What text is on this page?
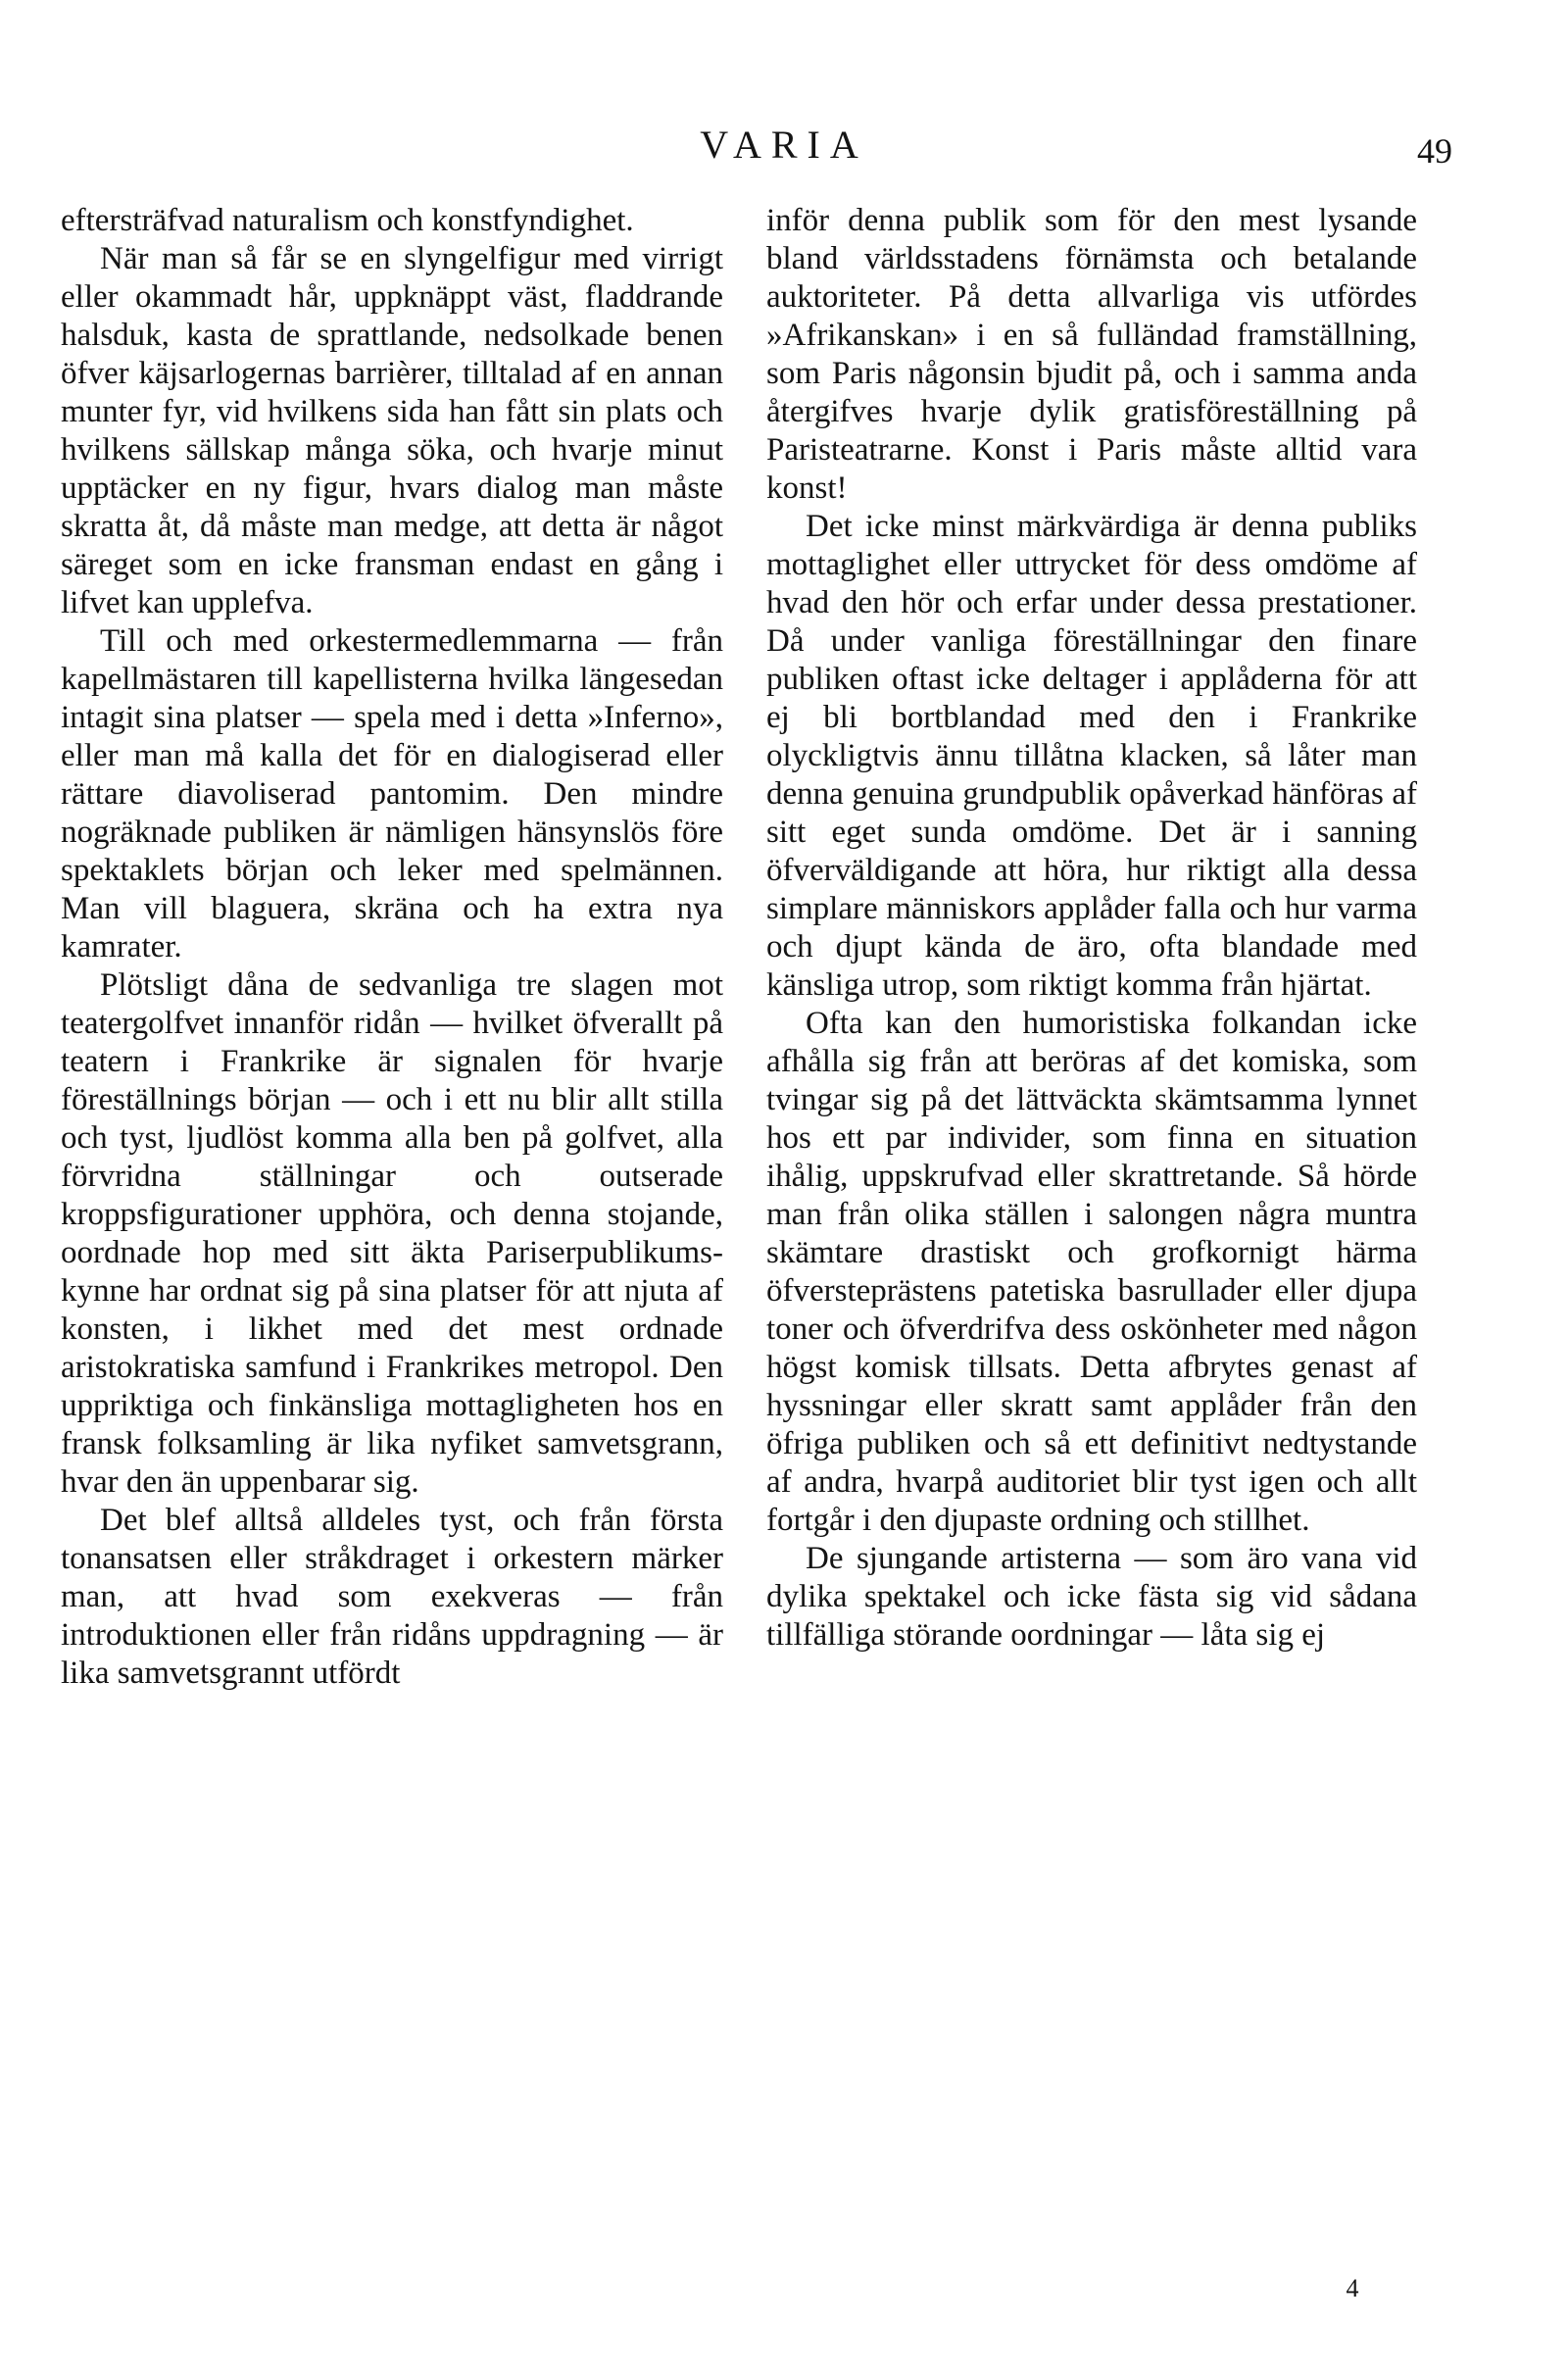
VARIA	49

eftersträfvad naturalism och konstfyndighet.

När man så får se en slyngelfigur med virrigt eller okammadt hår, uppknäppt väst, fladdrande halsduk, kasta de sprattlande, nedsolkade benen öfver käjsarlogernas barrièrer, tilltalad af en annan munter fyr, vid hvilkens sida han fått sin plats och hvilkens sällskap många söka, och hvarje minut upptäcker en ny figur, hvars dialog man måste skratta åt, då måste man medge, att detta är något säreget som en icke fransman endast en gång i lifvet kan upplefva.

Till och med orkestermedlemmarna — från kapellmästaren till kapellisterna hvilka längesedan intagit sina platser — spela med i detta »Inferno», eller man må kalla det för en dialogiserad eller rättare diavoliserad pantomim. Den mindre nogräknade publiken är nämligen hänsynslös före spektaklets början och leker med spelmännen. Man vill blaguera, skräna och ha extra nya kamrater.

Plötsligt dåna de sedvanliga tre slagen mot teatergolfvet innanför ridån — hvilket öfverallt på teatern i Frankrike är signalen för hvarje föreställnings början — och i ett nu blir allt stilla och tyst, ljudlöst komma alla ben på golfvet, alla förvridna ställningar och outserade kroppsfigurationer upphöra, och denna stojande, oordnade hop med sitt äkta Pariserpublikums-kynne har ordnat sig på sina platser för att njuta af konsten, i likhet med det mest ordnade aristokratiska samfund i Frankrikes metropol. Den uppriktiga och finkänsliga mottagligheten hos en fransk folksamling är lika nyfiket samvetsgrann, hvar den än uppenbarar sig.

Det blef alltså alldeles tyst, och från första tonansatsen eller stråkdraget i orkestern märker man, att hvad som exekveras — från introduktionen eller från ridåns uppdragning — är lika samvetsgrannt utfördt

inför denna publik som för den mest lysande bland världsstadens förnämsta och betalande auktoriteter. På detta allvarliga vis utfördes »Afrikanskan» i en så fulländad framställning, som Paris någonsin bjudit på, och i samma anda återgifves hvarje dylik gratisföreställning på Paristeatrarne. Konst i Paris måste alltid vara konst!

Det icke minst märkvärdiga är denna publiks mottaglighet eller uttrycket för dess omdöme af hvad den hör och erfar under dessa prestationer. Då under vanliga föreställningar den finare publiken oftast icke deltager i applåderna för att ej bli bortblandad med den i Frankrike olyckligtvis ännu tillåtna klacken, så låter man denna genuina grundpublik opåverkad hänföras af sitt eget sunda omdöme. Det är i sanning öfverväldigande att höra, hur riktigt alla dessa simplare människors applåder falla och hur varma och djupt kända de äro, ofta blandade med känsliga utrop, som riktigt komma från hjärtat.

Ofta kan den humoristiska folkandan icke afhålla sig från att beröras af det komiska, som tvingar sig på det lättväckta skämtsamma lynnet hos ett par individer, som finna en situation ihålig, uppskrufvad eller skrattretande. Så hörde man från olika ställen i salongen några muntra skämtare drastiskt och grofkornigt härma öfversteprästens patetiska basrullader eller djupa toner och öfverdrifva dess oskönheter med någon högst komisk tillsats. Detta afbrytes genast af hyssningar eller skratt samt applåder från den öfriga publiken och så ett definitivt nedtystande af andra, hvarpå auditoriet blir tyst igen och allt fortgår i den djupaste ordning och stillhet.

De sjungande artisterna — som äro vana vid dylika spektakel och icke fästa sig vid sådana tillfälliga störande oordningar — låta sig ej

4
